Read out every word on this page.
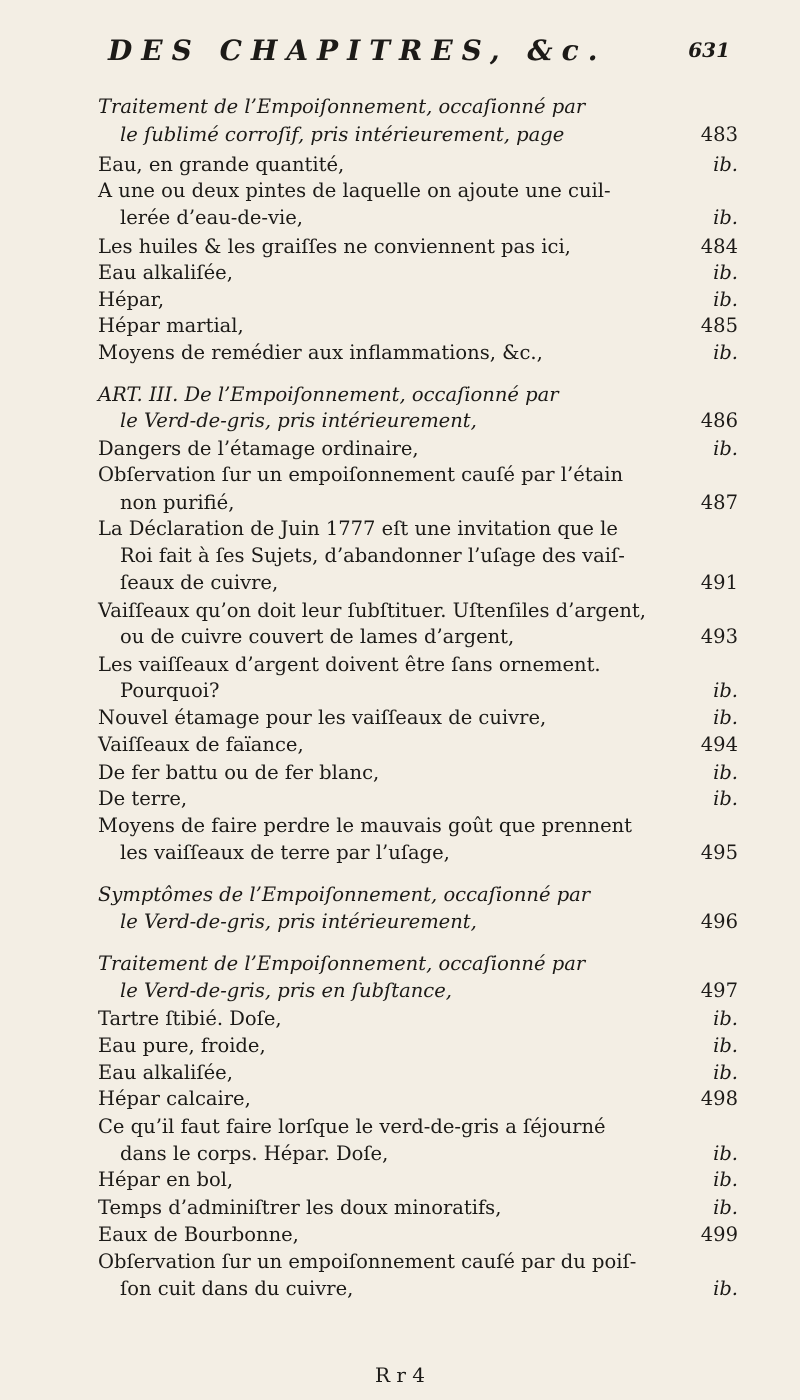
DES CHAPITRES, &c.	631
Traitement de l’Empoiſonnement, occaſionné par
le ſublimé corroſif, pris intérieurement, page	483
Eau, en grande quantité,	ib.
A une ou deux pintes de laquelle on ajoute une cuil-
lerée d’eau-de-vie,	ib.
Les huiles & les graiſſes ne conviennent pas ici,	484
Eau alkaliſée,	ib.
Hépar,	ib.
Hépar martial,	485
Moyens de remédier aux inflammations, &c.,	ib.
ART. III. De l’Empoiſonnement, occaſionné par
le Verd-de-gris, pris intérieurement,	486
Dangers de l’étamage ordinaire,	ib.
Obſervation ſur un empoiſonnement cauſé par l’étain
non purifié,	487
La Déclaration de Juin 1777 eſt une invitation que le
Roi fait à ſes Sujets, d’abandonner l’uſage des vaiſ-
ſeaux de cuivre,	491
Vaiſſeaux qu’on doit leur ſubſtituer. Uſtenſiles d’argent,
ou de cuivre couvert de lames d’argent,	493
Les vaiſſeaux d’argent doivent être ſans ornement.
Pourquoi?	ib.
Nouvel étamage pour les vaiſſeaux de cuivre,	ib.
Vaiſſeaux de faïance,	494
De fer battu ou de fer blanc,	ib.
De terre,	ib.
Moyens de faire perdre le mauvais goût que prennent
les vaiſſeaux de terre par l’uſage,	495
Symptômes de l’Empoiſonnement, occaſionné par
le Verd-de-gris, pris intérieurement,	496
Traitement de l’Empoiſonnement, occaſionné par
le Verd-de-gris, pris en ſubſtance,	497
Tartre ſtibié. Doſe,	ib.
Eau pure, froide,	ib.
Eau alkaliſée,	ib.
Hépar calcaire,	498
Ce qu’il faut faire lorſque le verd-de-gris a ſéjourné
dans le corps. Hépar. Doſe,	ib.
Hépar en bol,	ib.
Temps d’adminiſtrer les doux minoratifs,	ib.
Eaux de Bourbonne,	499
Obſervation ſur un empoiſonnement cauſé par du poiſ-
ſon cuit dans du cuivre,	ib.
R r 4
